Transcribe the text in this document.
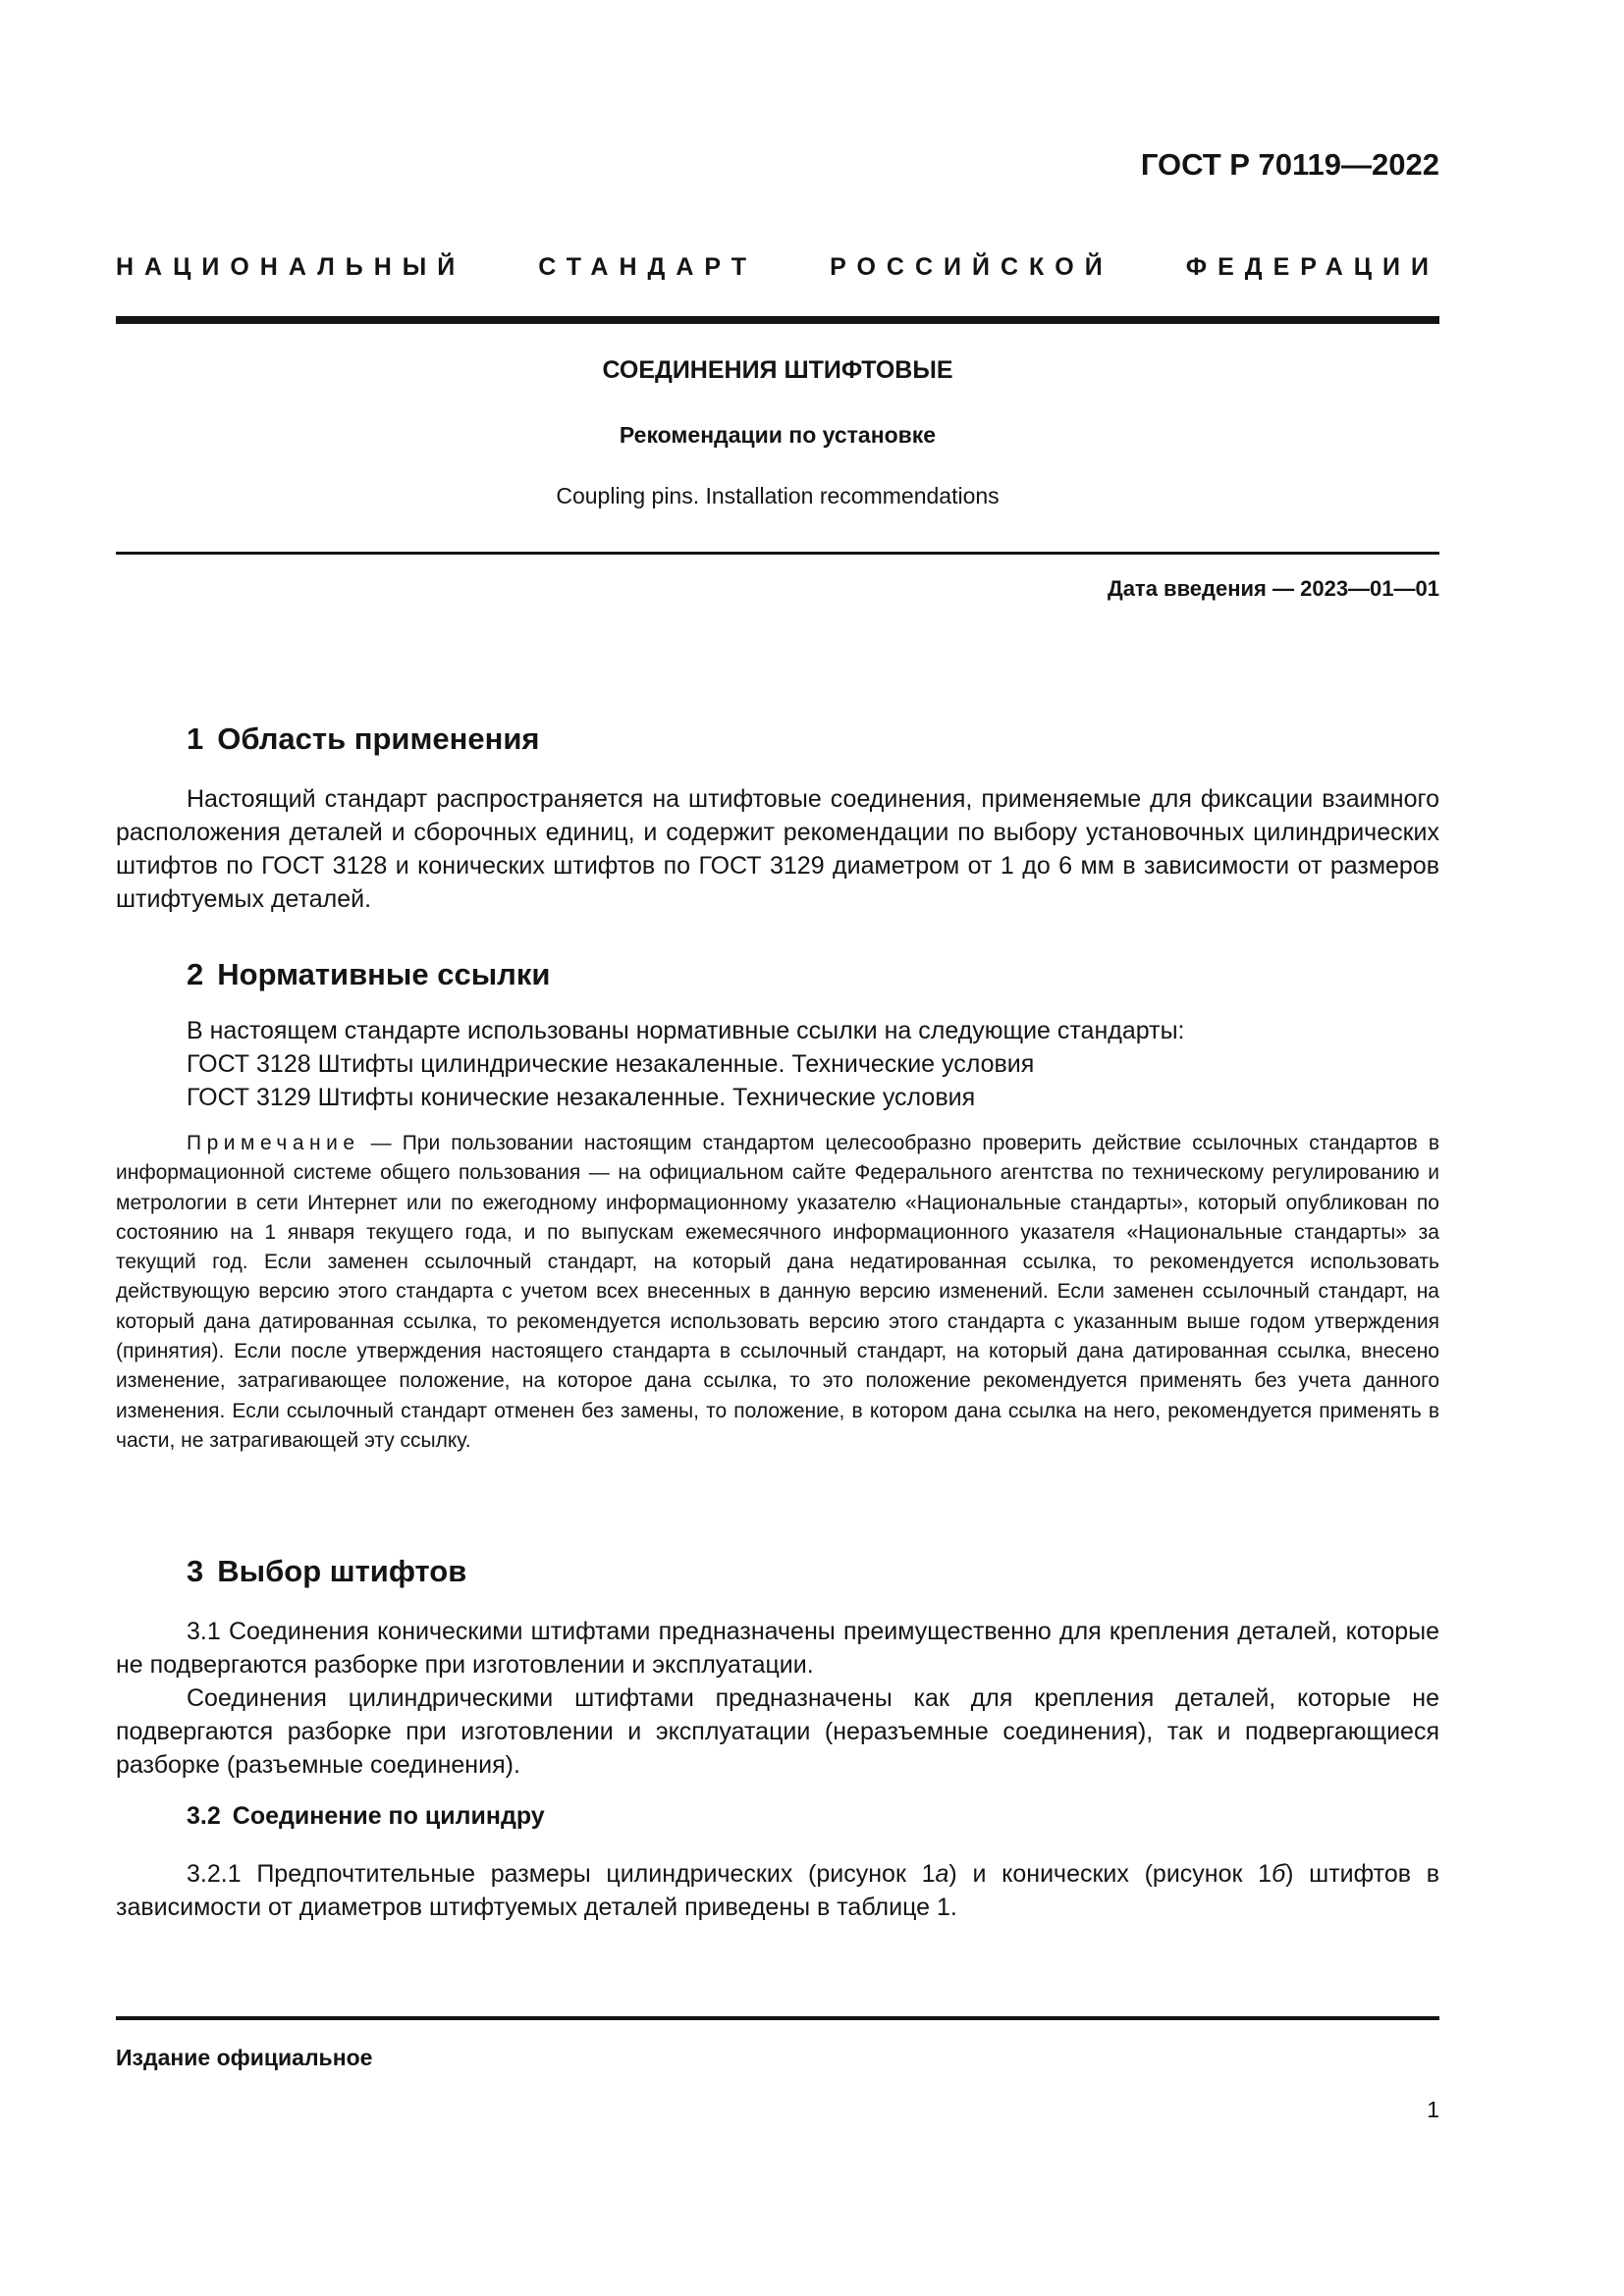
ГОСТ Р 70119—2022
НАЦИОНАЛЬНЫЙ СТАНДАРТ РОССИЙСКОЙ ФЕДЕРАЦИИ
СОЕДИНЕНИЯ ШТИФТОВЫЕ
Рекомендации по установке
Coupling pins. Installation recommendations
Дата введения — 2023—01—01
1 Область применения
Настоящий стандарт распространяется на штифтовые соединения, применяемые для фиксации взаимного расположения деталей и сборочных единиц, и содержит рекомендации по выбору установочных цилиндрических штифтов по ГОСТ 3128 и конических штифтов по ГОСТ 3129 диаметром от 1 до 6 мм в зависимости от размеров штифтуемых деталей.
2 Нормативные ссылки
В настоящем стандарте использованы нормативные ссылки на следующие стандарты:
ГОСТ 3128 Штифты цилиндрические незакаленные. Технические условия
ГОСТ 3129 Штифты конические незакаленные. Технические условия
Примечание — При пользовании настоящим стандартом целесообразно проверить действие ссылочных стандартов в информационной системе общего пользования — на официальном сайте Федерального агентства по техническому регулированию и метрологии в сети Интернет или по ежегодному информационному указателю «Национальные стандарты», который опубликован по состоянию на 1 января текущего года, и по выпускам ежемесячного информационного указателя «Национальные стандарты» за текущий год. Если заменен ссылочный стандарт, на который дана недатированная ссылка, то рекомендуется использовать действующую версию этого стандарта с учетом всех внесенных в данную версию изменений. Если заменен ссылочный стандарт, на который дана датированная ссылка, то рекомендуется использовать версию этого стандарта с указанным выше годом утверждения (принятия). Если после утверждения настоящего стандарта в ссылочный стандарт, на который дана датированная ссылка, внесено изменение, затрагивающее положение, на которое дана ссылка, то это положение рекомендуется применять без учета данного изменения. Если ссылочный стандарт отменен без замены, то положение, в котором дана ссылка на него, рекомендуется применять в части, не затрагивающей эту ссылку.
3 Выбор штифтов
3.1 Соединения коническими штифтами предназначены преимущественно для крепления деталей, которые не подвергаются разборке при изготовлении и эксплуатации.
Соединения цилиндрическими штифтами предназначены как для крепления деталей, которые не подвергаются разборке при изготовлении и эксплуатации (неразъемные соединения), так и подвергающиеся разборке (разъемные соединения).
3.2 Соединение по цилиндру
3.2.1 Предпочтительные размеры цилиндрических (рисунок 1а) и конических (рисунок 1б) штифтов в зависимости от диаметров штифтуемых деталей приведены в таблице 1.
Издание официальное
1
